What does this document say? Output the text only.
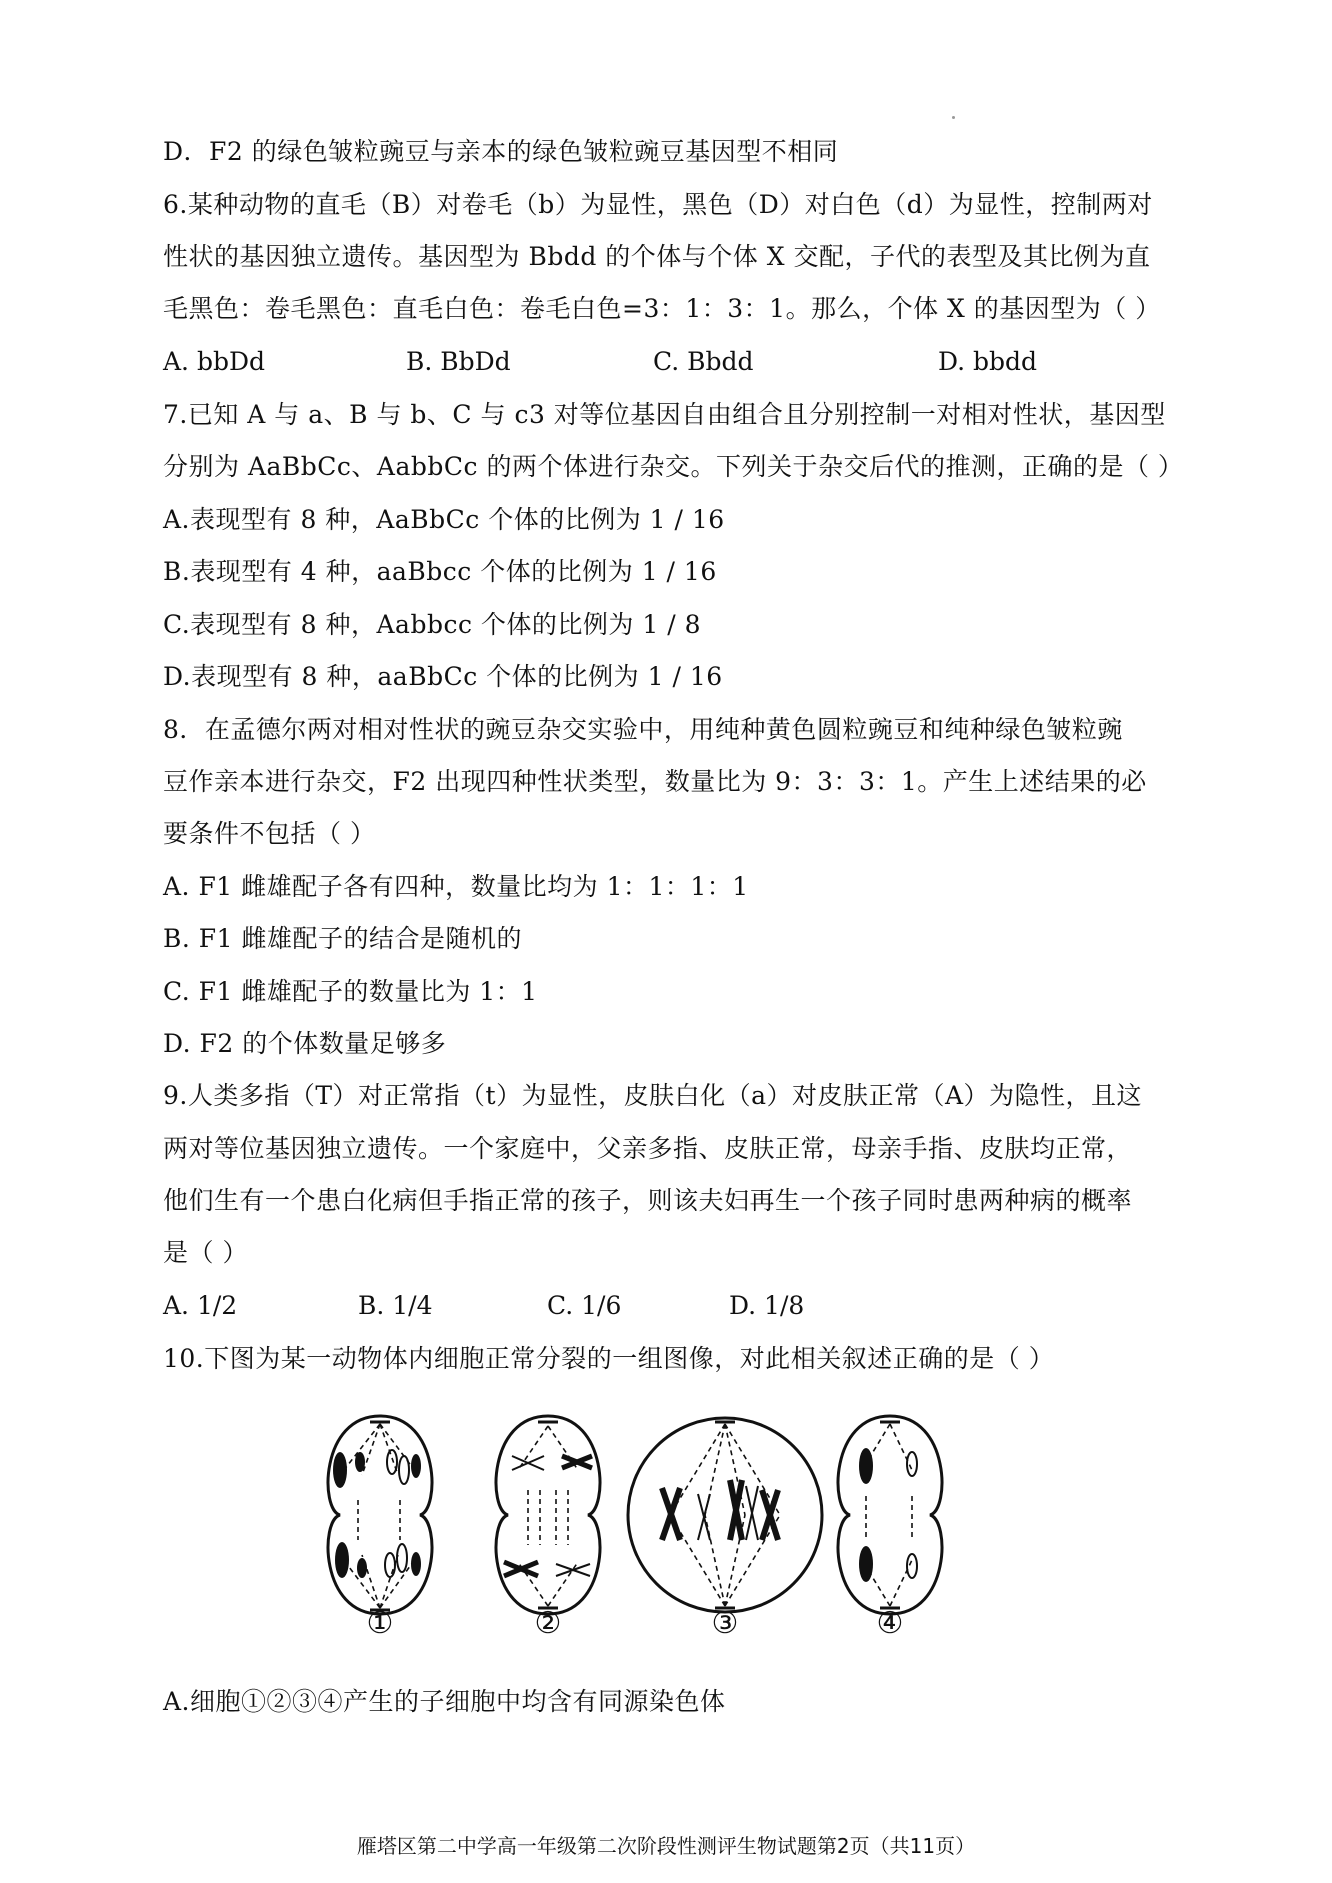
D．F2 的绿色皱粒豌豆与亲本的绿色皱粒豌豆基因型不相同
6.某种动物的直毛（B）对卷毛（b）为显性，黑色（D）对白色（d）为显性，控制两对
性状的基因独立遗传。基因型为 Bbdd 的个体与个体 X 交配，子代的表型及其比例为直
毛黑色：卷毛黑色：直毛白色：卷毛白色=3：1：3：1。那么，个体 X 的基因型为（ ）
A. bbDd	B. BbDd	C. Bbdd	D. bbdd
7.已知 A 与 a、B 与 b、C 与 c3 对等位基因自由组合且分别控制一对相对性状，基因型
分别为 AaBbCc、AabbCc 的两个体进行杂交。下列关于杂交后代的推测，正确的是（ ）
A.表现型有 8 种，AaBbCc 个体的比例为 1 / 16
B.表现型有 4 种，aaBbcc 个体的比例为 1 / 16
C.表现型有 8 种，Aabbcc 个体的比例为 1 / 8
D.表现型有 8 种，aaBbCc 个体的比例为 1 / 16
8．在孟德尔两对相对性状的豌豆杂交实验中，用纯种黄色圆粒豌豆和纯种绿色皱粒豌
豆作亲本进行杂交，F2 出现四种性状类型，数量比为 9：3：3：1。产生上述结果的必
要条件不包括（ ）
A. F1 雌雄配子各有四种，数量比均为 1：1：1：1
B. F1 雌雄配子的结合是随机的
C. F1 雌雄配子的数量比为 1：1
D. F2 的个体数量足够多
9.人类多指（T）对正常指（t）为显性，皮肤白化（a）对皮肤正常（A）为隐性，且这
两对等位基因独立遗传。一个家庭中，父亲多指、皮肤正常，母亲手指、皮肤均正常，
他们生有一个患白化病但手指正常的孩子，则该夫妇再生一个孩子同时患两种病的概率
是（ ）
A. 1/2	B. 1/4	C. 1/6	D. 1/8
10.下图为某一动物体内细胞正常分裂的一组图像，对此相关叙述正确的是（ ）
①	②	③	④
A.细胞①②③④产生的子细胞中均含有同源染色体
雁塔区第二中学高一年级第二次阶段性测评生物试题第2页（共11页）
